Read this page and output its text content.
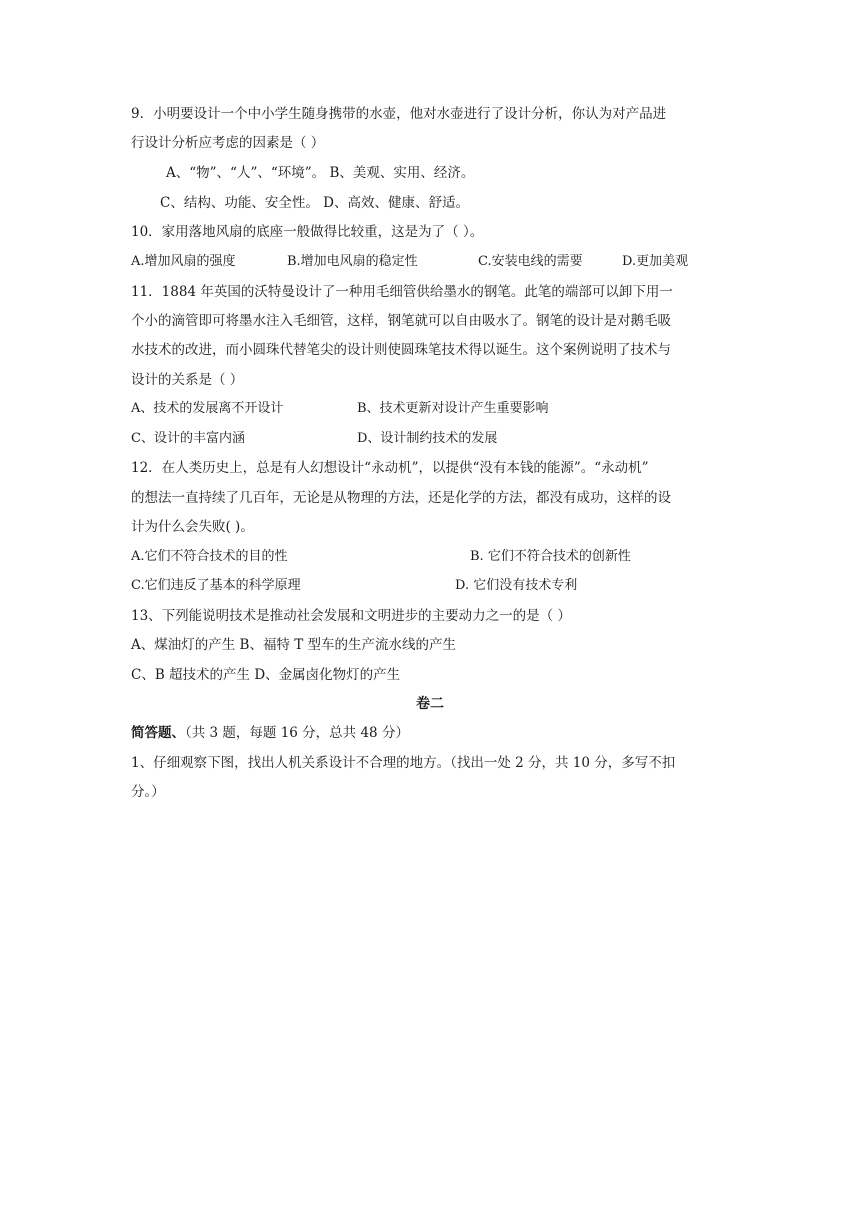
9．小明要设计一个中小学生随身携带的水壶，他对水壶进行了设计分析，你认为对产品进
行设计分析应考虑的因素是（ ）
A、“物”、“人”、“环境”。 B、美观、实用、经济。
C、结构、功能、安全性。 D、高效、健康、舒适。
10．家用落地风扇的底座一般做得比较重，这是为了（ ）。
A.增加风扇的强度	B.增加电风扇的稳定性	C.安装电线的需要	D.更加美观
11．1884 年英国的沃特曼设计了一种用毛细管供给墨水的钢笔。此笔的端部可以卸下用一
个小的滴管即可将墨水注入毛细管，这样，钢笔就可以自由吸水了。钢笔的设计是对鹅毛吸
水技术的改进，而小圆珠代替笔尖的设计则使圆珠笔技术得以诞生。这个案例说明了技术与
设计的关系是（ ）
A、技术的发展离不开设计	B、技术更新对设计产生重要影响
C、设计的丰富内涵	D、设计制约技术的发展
12．在人类历史上，总是有人幻想设计“永动机”，以提供“没有本钱的能源”。“永动机”
的想法一直持续了几百年，无论是从物理的方法，还是化学的方法，都没有成功，这样的设
计为什么会失败( )。
A.它们不符合技术的目的性	B. 它们不符合技术的创新性
C.它们违反了基本的科学原理	D. 它们没有技术专利
13、下列能说明技术是推动社会发展和文明进步的主要动力之一的是（ ）
A、煤油灯的产生 B、福特 T 型车的生产流水线的产生
C、B 超技术的产生 D、金属卤化物灯的产生
卷二
简答题、（共 3 题，每题 16 分，总共 48 分）
1、仔细观察下图，找出人机关系设计不合理的地方。（找出一处 2 分，共 10 分，多写不扣
分。）
